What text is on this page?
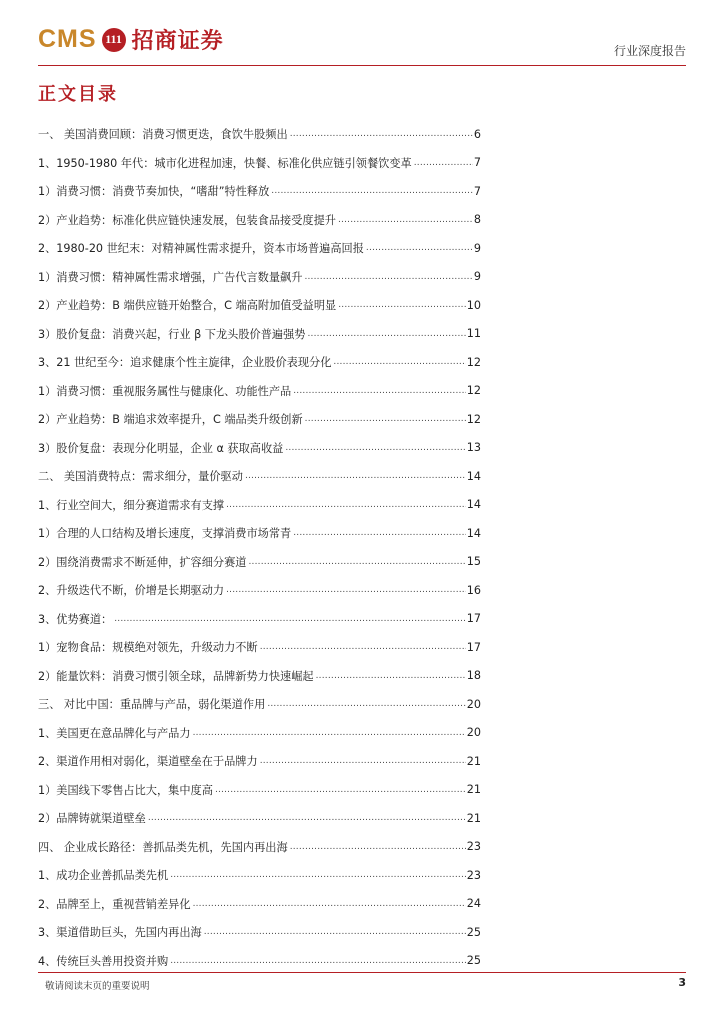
CMS 111 招商证券	行业深度报告
正文目录
一、 美国消费回顾：消费习惯更迭，食饮牛股频出 .....	6
1、1950-1980 年代：城市化进程加速，快餐、标准化供应链引领餐饮变革 .....	7
1）消费习惯：消费节奏加快，“嗜甜”特性释放 .....	7
2）产业趋势：标准化供应链快速发展，包装食品接受度提升 .....	8
2、1980-20 世纪末：对精神属性需求提升，资本市场普遍高回报 .....	9
1）消费习惯：精神属性需求增强，广告代言数量飙升 .....	9
2）产业趋势：B 端供应链开始整合，C 端高附加值受益明显 .....	10
3）股价复盘：消费兴起，行业 β 下龙头股价普遍强势 .....	11
3、21 世纪至今：追求健康个性主旋律，企业股价表现分化 .....	12
1）消费习惯：重视服务属性与健康化、功能性产品 .....	12
2）产业趋势：B 端追求效率提升，C 端品类升级创新 .....	12
3）股价复盘：表现分化明显，企业 α 获取高收益 .....	13
二、 美国消费特点：需求细分，量价驱动 .....	14
1、行业空间大，细分赛道需求有支撑 .....	14
1）合理的人口结构及增长速度，支撑消费市场常青 .....	14
2）围绕消费需求不断延伸，扩容细分赛道 .....	15
2、升级迭代不断，价增是长期驱动力 .....	16
3、优势赛道： .....	17
1）宠物食品：规模绝对领先，升级动力不断 .....	17
2）能量饮料：消费习惯引领全球，品牌新势力快速崛起 .....	18
三、 对比中国：重品牌与产品，弱化渠道作用 .....	20
1、美国更在意品牌化与产品力 .....	20
2、渠道作用相对弱化，渠道壁垒在于品牌力 .....	21
1）美国线下零售占比大，集中度高 .....	21
2）品牌铸就渠道壁垒 .....	21
四、 企业成长路径：善抓品类先机，先国内再出海 .....	23
1、成功企业善抓品类先机 .....	23
2、品牌至上，重视营销差异化 .....	24
3、渠道借助巨头，先国内再出海 .....	25
4、传统巨头善用投资并购 .....	25
敬请阅读末页的重要说明	3
